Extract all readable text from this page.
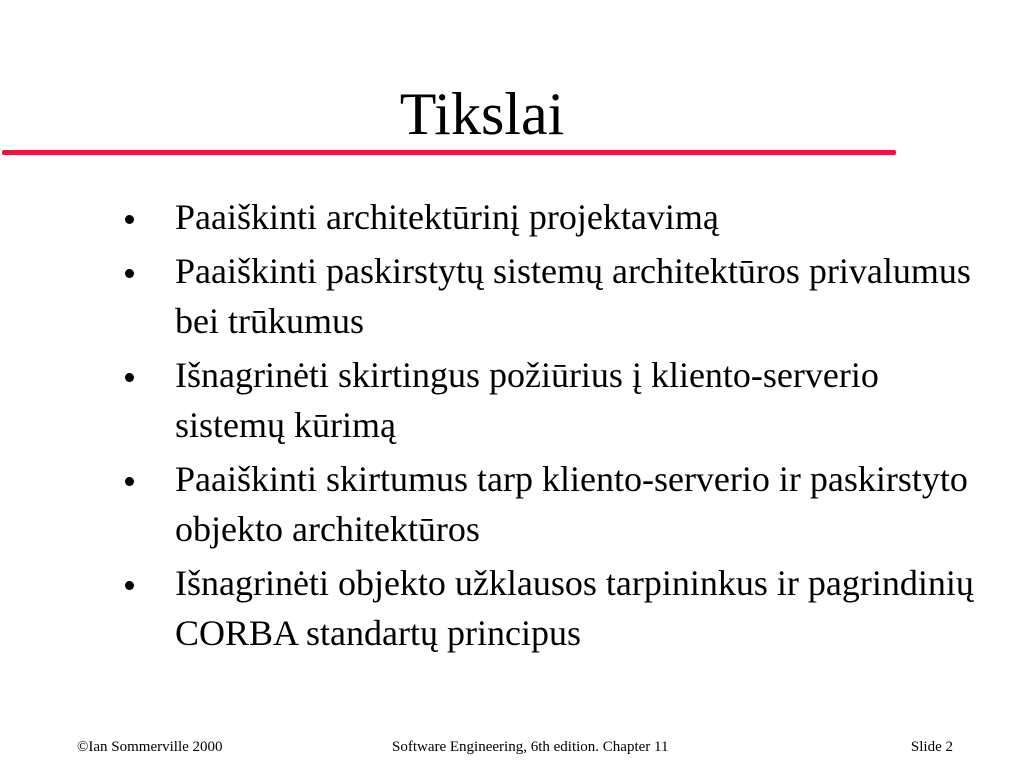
Tikslai
Paaiškinti architektūrinį projektavimą
Paaiškinti paskirstytų sistemų architektūros privalumus bei trūkumus
Išnagrinėti skirtingus požiūrius į kliento-serverio sistemų kūrimą
Paaiškinti skirtumus tarp kliento-serverio ir paskirstyto objekto architektūros
Išnagrinėti objekto užklausos tarpininkus ir pagrindinių CORBA standartų principus
©Ian Sommerville 2000	Software Engineering, 6th edition. Chapter 11	Slide 2
